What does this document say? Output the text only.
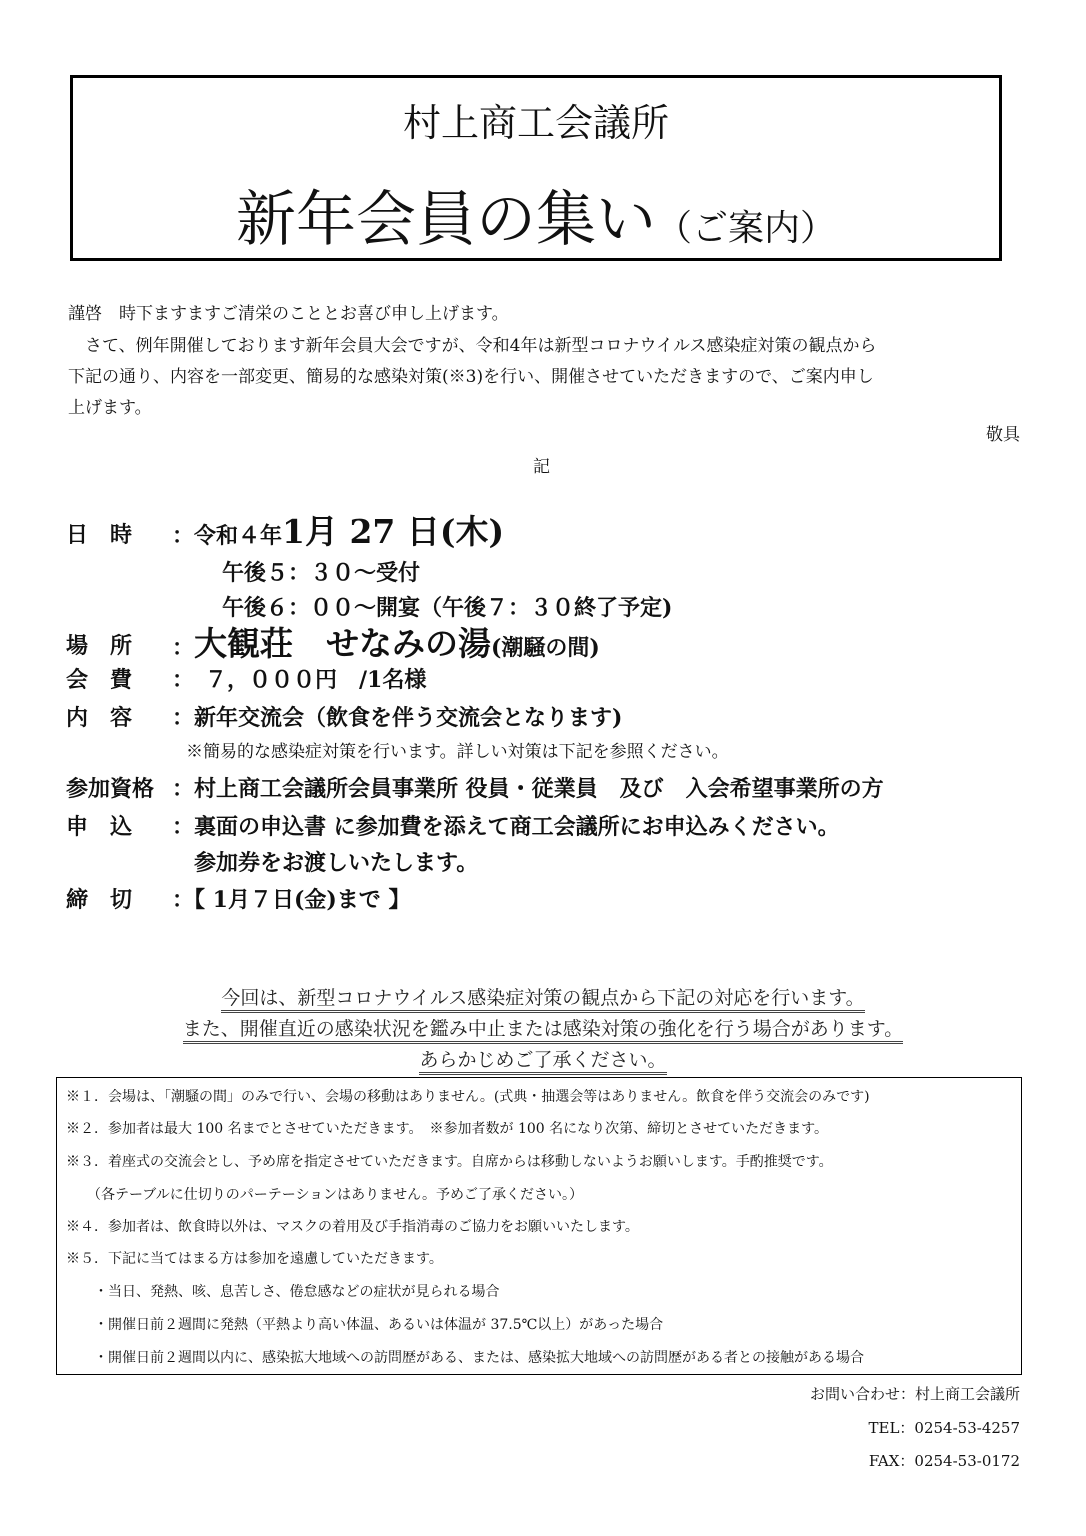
村上商工会議所
新年会員の集い（ご案内）
謹啓　時下ますますご清栄のこととお喜び申し上げます。
　さて、例年開催しております新年会員大会ですが、令和4年は新型コロナウイルス感染症対策の観点から
下記の通り、内容を一部変更、簡易的な感染対策(※3)を行い、開催させていただきますので、ご案内申し
上げます。
敬具
記
日　時 ：令和４年1月 27 日(木)
午後５：３０～受付
午後６：００～開宴（午後７：３０終了予定)
場　所 ：大観荘　せなみの湯(潮騒の間)
会　費 ：　７，０００円　/1名様
内　容 ：新年交流会（飲食を伴う交流会となります)
※簡易的な感染症対策を行います。詳しい対策は下記を参照ください。
参加資格 ：村上商工会議所会員事業所 役員・従業員　及び　入会希望事業所の方
申　込 ：裏面の申込書 に参加費を添えて商工会議所にお申込みください。
参加券をお渡しいたします。
締　切 ：【 1月７日(金)まで 】
今回は、新型コロナウイルス感染症対策の観点から下記の対応を行います。
また、開催直近の感染状況を鑑み中止または感染対策の強化を行う場合があります。
あらかじめご了承ください。
※１．会場は、「潮騒の間」のみで行い、会場の移動はありません。(式典・抽選会等はありません。飲食を伴う交流会のみです)
※２．参加者は最大 100 名までとさせていただきます。　※参加者数が 100 名になり次第、締切とさせていただきます。
※３．着座式の交流会とし、予め席を指定させていただきます。自席からは移動しないようお願いします。手酌推奨です。
　　（各テーブルに仕切りのパーテーションはありません。予めご了承ください。）
※４．参加者は、飲食時以外は、マスクの着用及び手指消毒のご協力をお願いいたします。
※５．下記に当てはまる方は参加を遠慮していただきます。
　　・当日、発熱、咳、息苦しさ、倦怠感などの症状が見られる場合
　　・開催日前２週間に発熱（平熱より高い体温、あるいは体温が 37.5℃以上）があった場合
　　・開催日前２週間以内に、感染拡大地域への訪問歴がある、または、感染拡大地域への訪問歴がある者との接触がある場合
お問い合わせ：村上商工会議所
TEL：0254-53-4257
FAX：0254-53-0172
